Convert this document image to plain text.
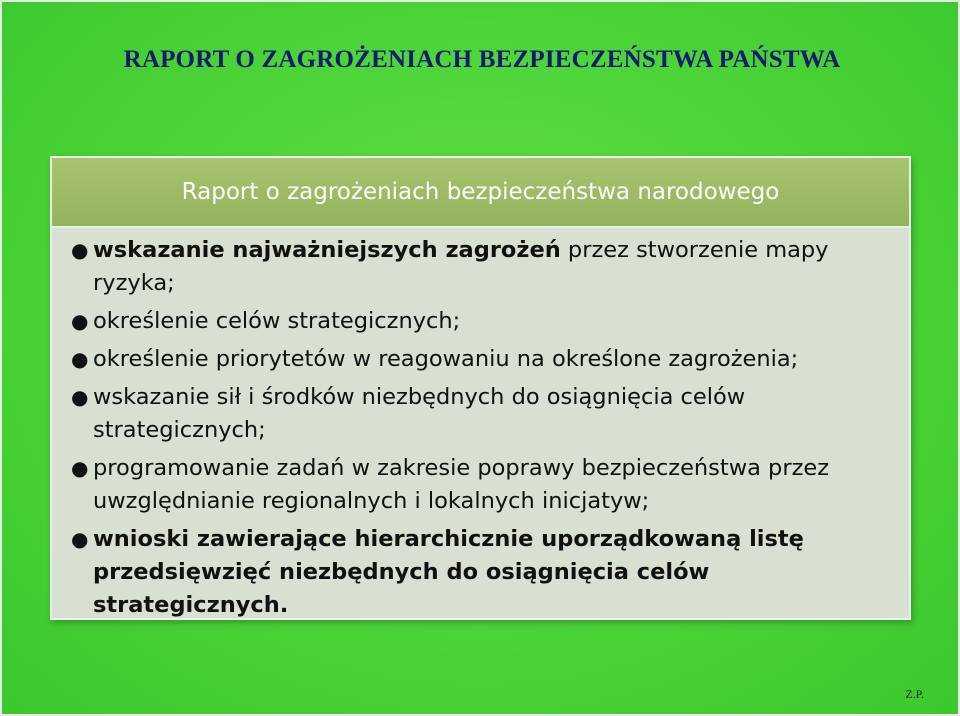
RAPORT O ZAGROŻENIACH BEZPIECZEŃSTWA PAŃSTWA
Raport o zagrożeniach bezpieczeństwa narodowego
● wskazanie najważniejszych zagrożeń przez stworzenie mapy ryzyka;
● określenie celów strategicznych;
● określenie priorytetów w reagowaniu na określone zagrożenia;
● wskazanie sił i środków niezbędnych do osiągnięcia celów strategicznych;
● programowanie zadań w zakresie poprawy bezpieczeństwa przez uwzględnianie regionalnych i lokalnych inicjatyw;
● wnioski zawierające hierarchicznie uporządkowaną listę przedsięwzięć niezbędnych do osiągnięcia celów strategicznych.
Z.P.
